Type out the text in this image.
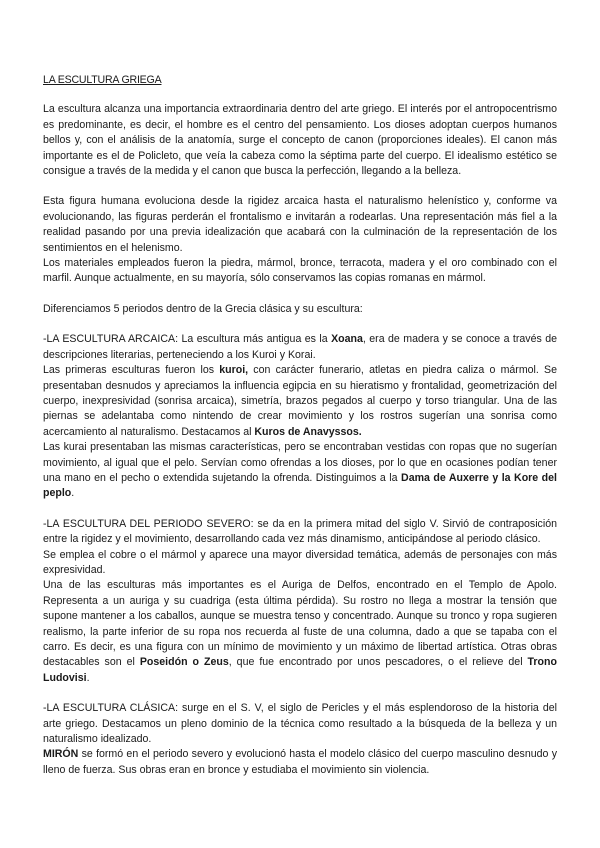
LA ESCULTURA GRIEGA

La escultura alcanza una importancia extraordinaria dentro del arte griego. El interés por el antropocentrismo es predominante, es decir, el hombre es el centro del pensamiento. Los dioses adoptan cuerpos humanos bellos y, con el análisis de la anatomía, surge el concepto de canon (proporciones ideales). El canon más importante es el de Policleto, que veía la cabeza como la séptima parte del cuerpo. El idealismo estético se consigue a través de la medida y el canon que busca la perfección, llegando a la belleza.

Esta figura humana evoluciona desde la rigidez arcaica hasta el naturalismo helenístico y, conforme va evolucionando, las figuras perderán el frontalismo e invitarán a rodearlas. Una representación más fiel a la realidad pasando por una previa idealización que acabará con la culminación de la representación de los sentimientos en el helenismo.

Los materiales empleados fueron la piedra, mármol, bronce, terracota, madera y el oro combinado con el marfil. Aunque actualmente, en su mayoría, sólo conservamos las copias romanas en mármol.

Diferenciamos 5 periodos dentro de la Grecia clásica y su escultura:

-LA ESCULTURA ARCAICA: La escultura más antigua es la Xoana, era de madera y se conoce a través de descripciones literarias, perteneciendo a los Kuroi y Korai.

Las primeras esculturas fueron los kuroi, con carácter funerario, atletas en piedra caliza o mármol. Se presentaban desnudos y apreciamos la influencia egipcia en su hieratismo y frontalidad, geometrización del cuerpo, inexpresividad (sonrisa arcaica), simetría, brazos pegados al cuerpo y torso triangular. Una de las piernas se adelantaba como nintendo de crear movimiento y los rostros sugerían una sonrisa como acercamiento al naturalismo. Destacamos al Kuros de Anavyssos.

Las kurai presentaban las mismas características, pero se encontraban vestidas con ropas que no sugerían movimiento, al igual que el pelo. Servían como ofrendas a los dioses, por lo que en ocasiones podían tener una mano en el pecho o extendida sujetando la ofrenda. Distinguimos a la Dama de Auxerre y la Kore del peplo.

-LA ESCULTURA DEL PERIODO SEVERO: se da en la primera mitad del siglo V. Sirvió de contraposición entre la rigidez y el movimiento, desarrollando cada vez más dinamismo, anticipándose al periodo clásico.

Se emplea el cobre o el mármol y aparece una mayor diversidad temática, además de personajes con más expresividad.

Una de las esculturas más importantes es el Auriga de Delfos, encontrado en el Templo de Apolo. Representa a un auriga y su cuadriga (esta última pérdida). Su rostro no llega a mostrar la tensión que supone mantener a los caballos, aunque se muestra tenso y concentrado. Aunque su tronco y ropa sugieren realismo, la parte inferior de su ropa nos recuerda al fuste de una columna, dado a que se tapaba con el carro. Es decir, es una figura con un mínimo de movimiento y un máximo de libertad artística. Otras obras destacables son el Poseidón o Zeus, que fue encontrado por unos pescadores, o el relieve del Trono Ludovisi.

-LA ESCULTURA CLÁSICA: surge en el S. V, el siglo de Pericles y el más esplendoroso de la historia del arte griego. Destacamos un pleno dominio de la técnica como resultado a la búsqueda de la belleza y un naturalismo idealizado.

MIRÓN se formó en el periodo severo y evolucionó hasta el modelo clásico del cuerpo masculino desnudo y lleno de fuerza. Sus obras eran en bronce y estudiaba el movimiento sin violencia.
